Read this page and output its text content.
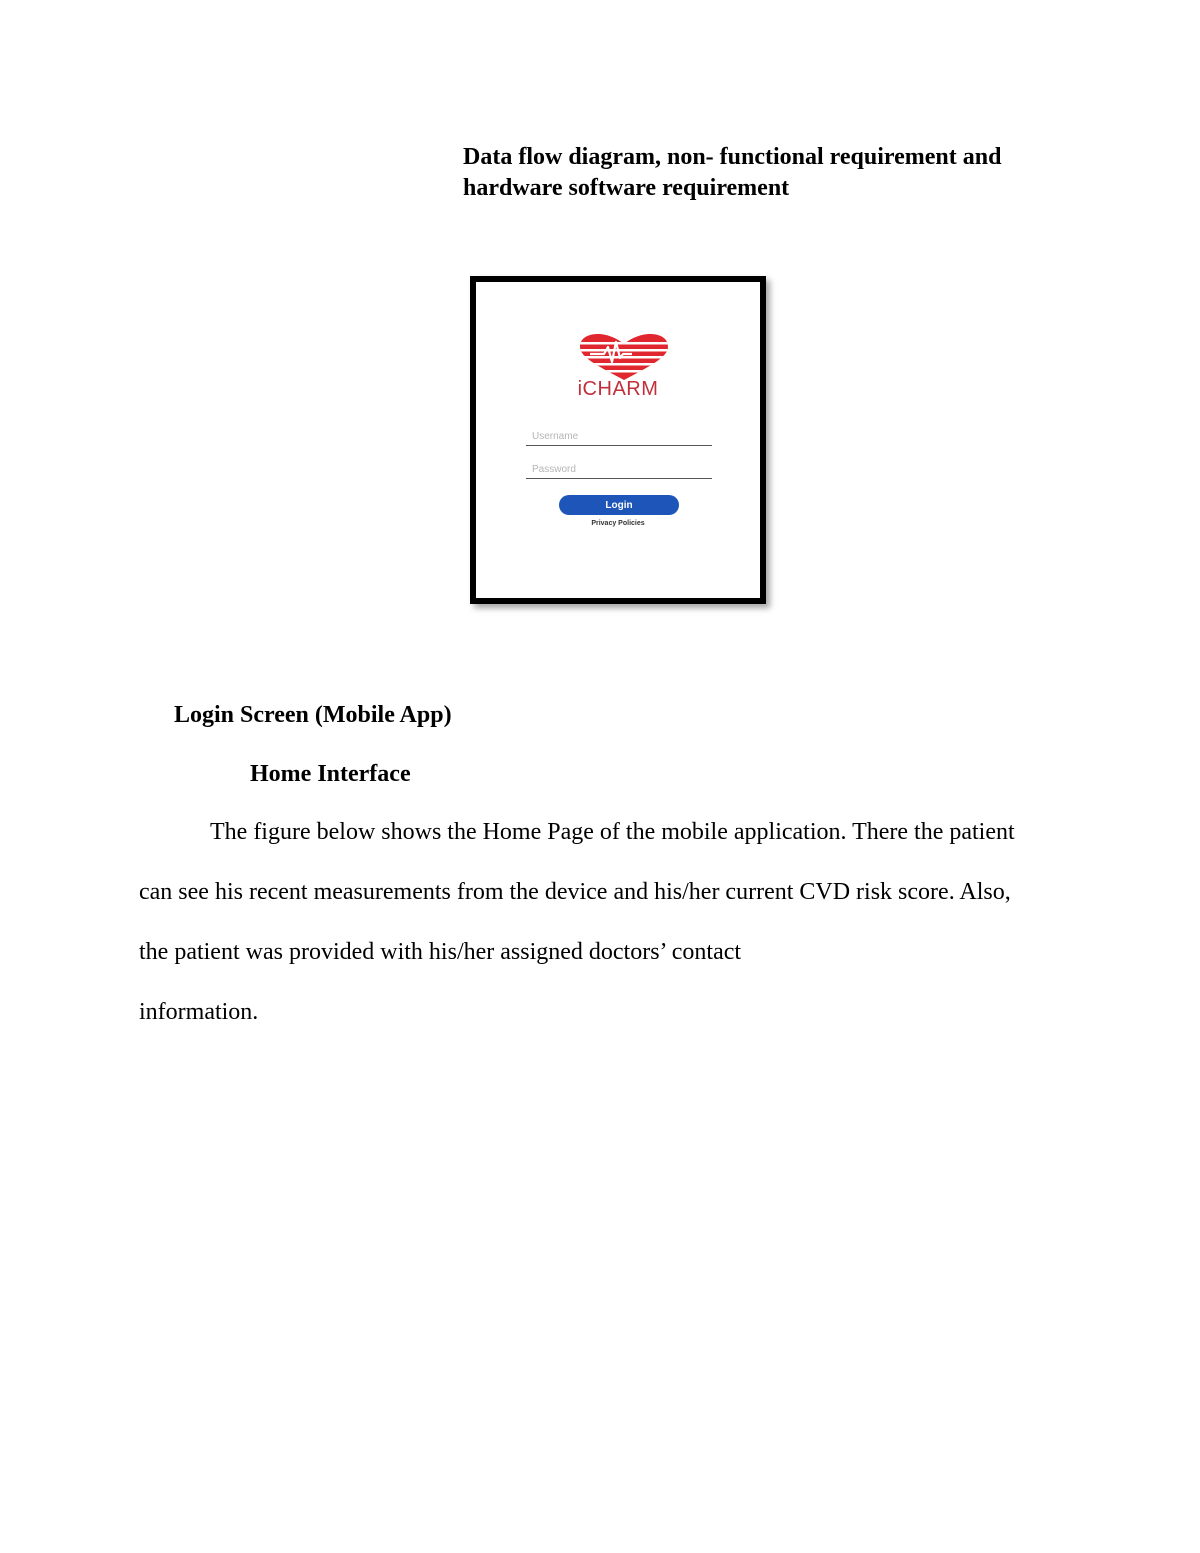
Data flow diagram, non- functional requirement and
hardware software requirement
iCHARM
Username
Login
Privacy Policies

Login Screen (Mobile App)

Home Interface
The figure below shows the Home Page of the mobile application. There the patient
can see his recent measurements from the device and his/her current CVD risk score. Also,
the patient was provided with his/her assigned doctors’ contact
information.
